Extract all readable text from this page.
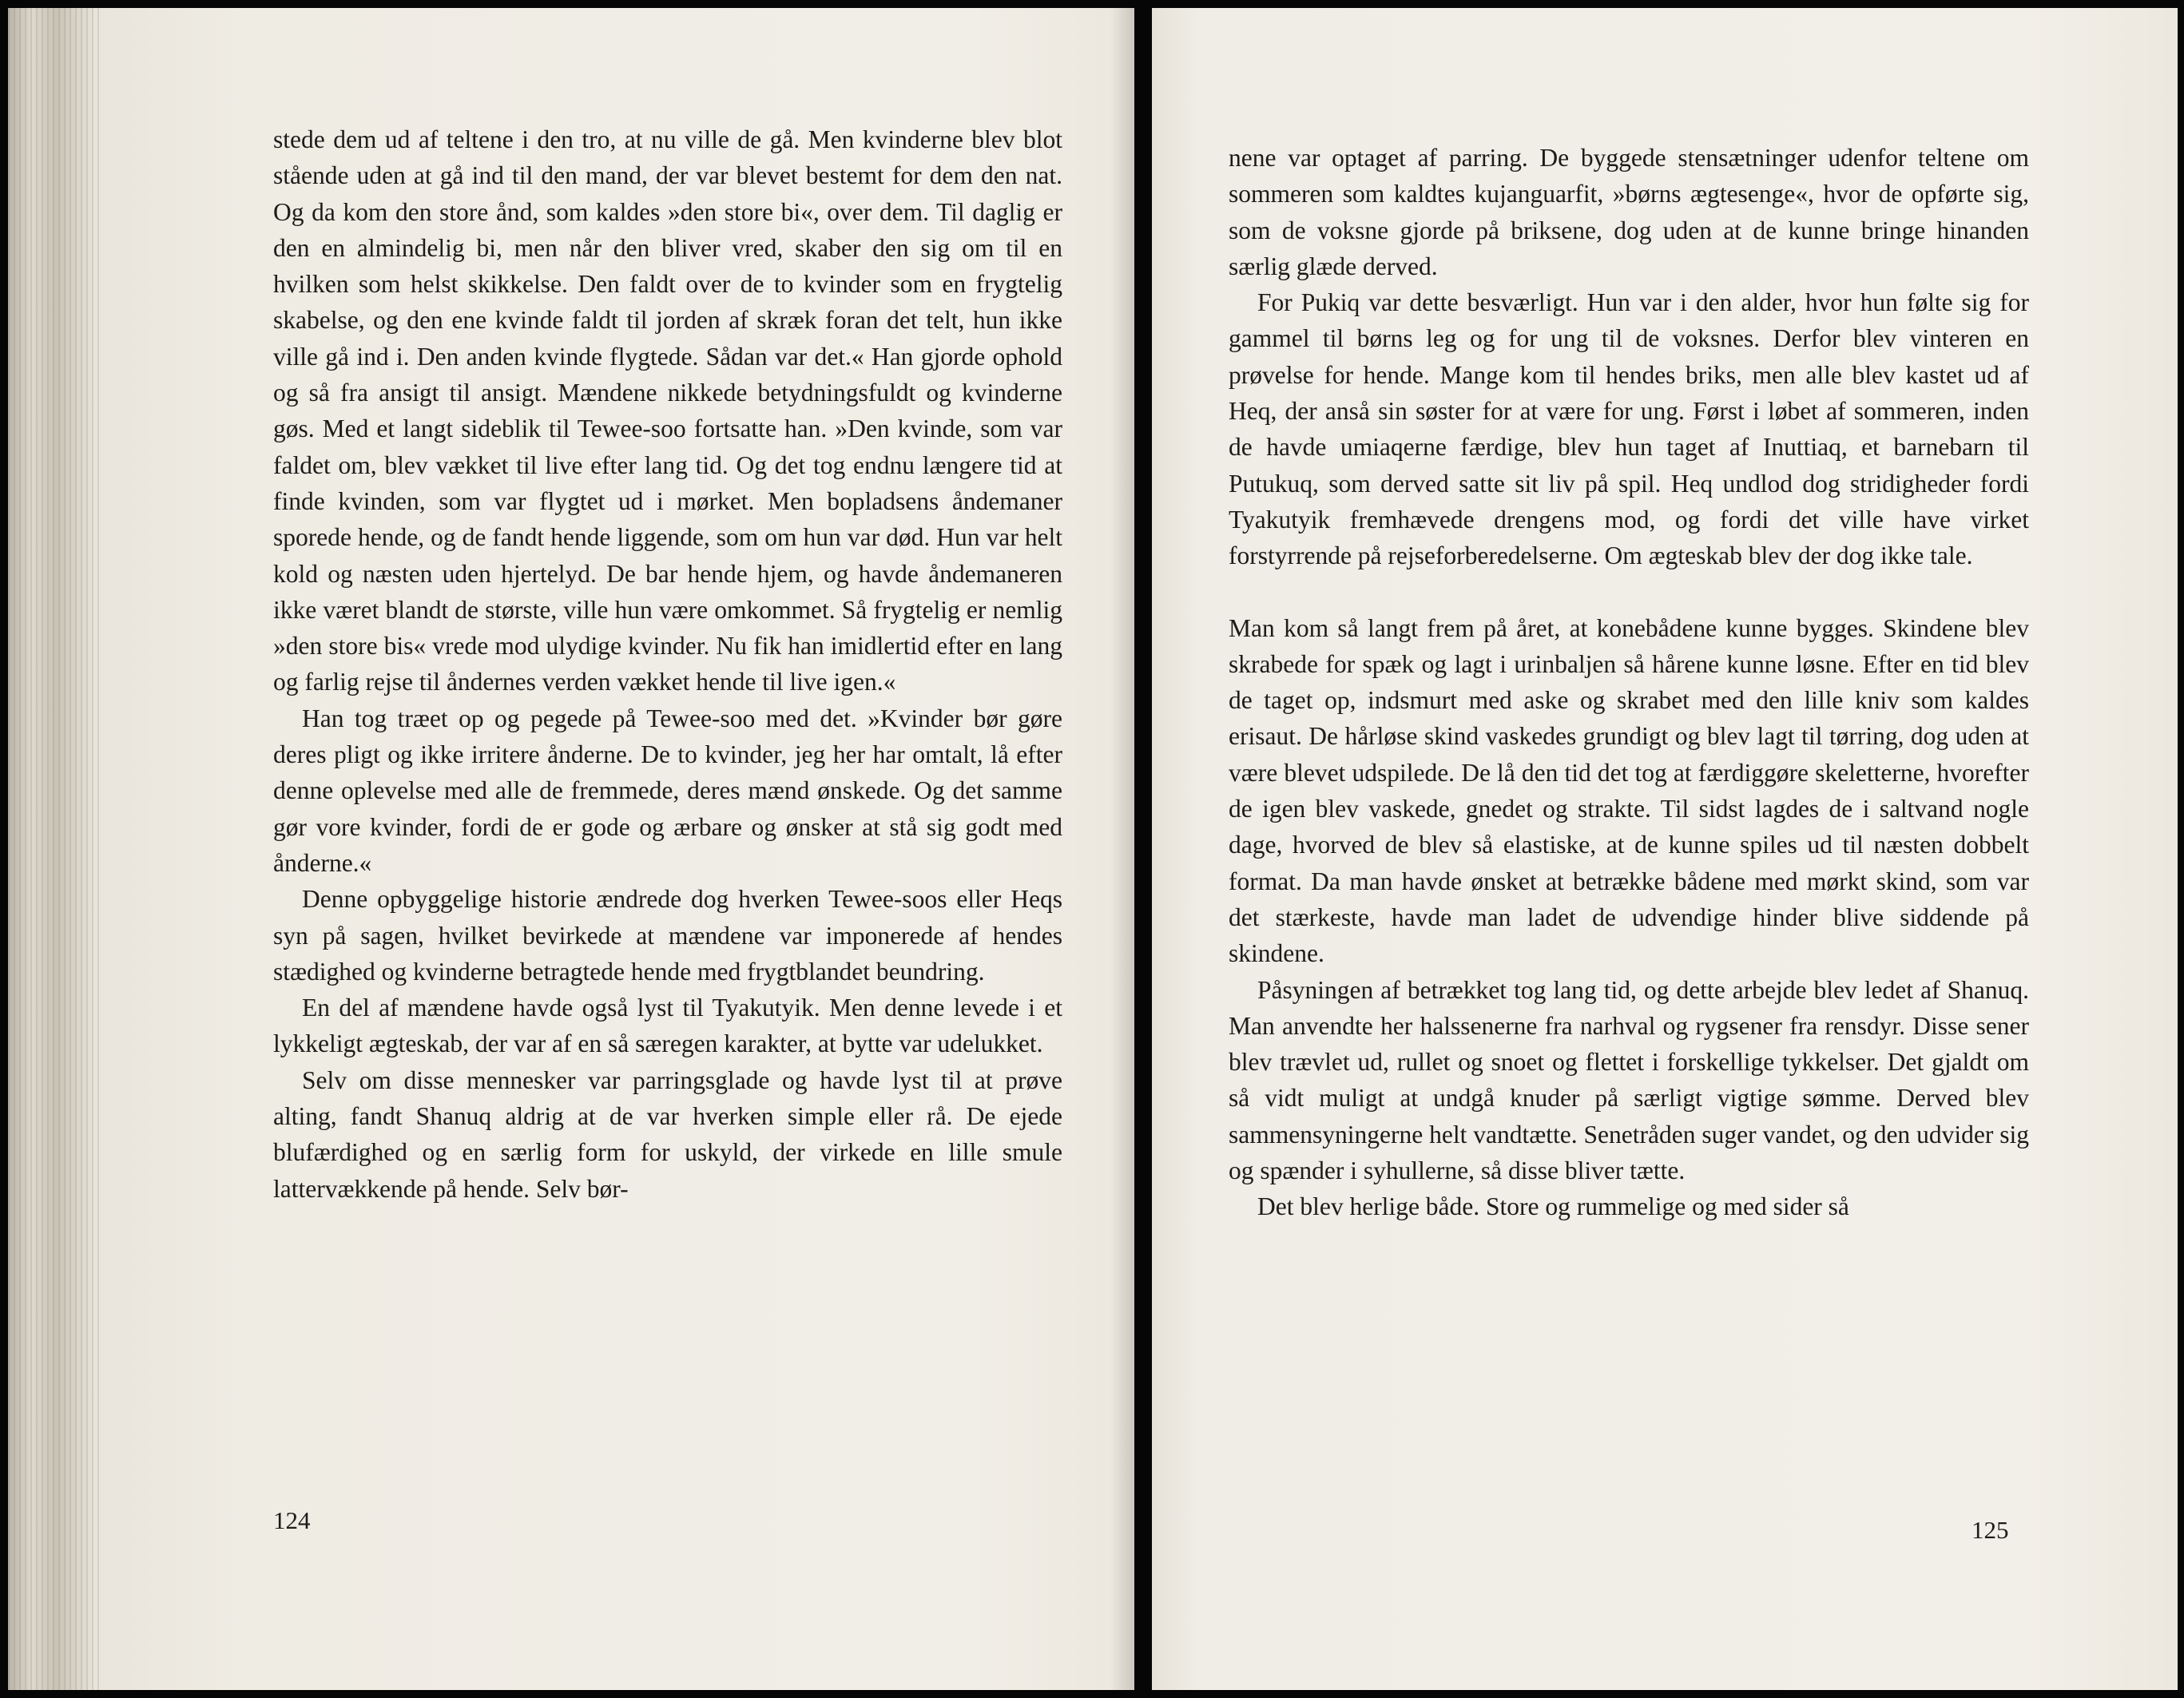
stede dem ud af teltene i den tro, at nu ville de gå. Men kvinderne blev blot stående uden at gå ind til den mand, der var blevet bestemt for dem den nat. Og da kom den store ånd, som kaldes »den store bi«, over dem. Til daglig er den en almindelig bi, men når den bliver vred, skaber den sig om til en hvilken som helst skikkelse. Den faldt over de to kvinder som en frygtelig skabelse, og den ene kvinde faldt til jorden af skræk foran det telt, hun ikke ville gå ind i. Den anden kvinde flygtede. Sådan var det.« Han gjorde ophold og så fra ansigt til ansigt. Mændene nikkede betydningsfuldt og kvinderne gøs. Med et langt sideblik til Tewee-soo fortsatte han. »Den kvinde, som var faldet om, blev vækket til live efter lang tid. Og det tog endnu længere tid at finde kvinden, som var flygtet ud i mørket. Men bopladsens åndemaner sporede hende, og de fandt hende liggende, som om hun var død. Hun var helt kold og næsten uden hjertelyd. De bar hende hjem, og havde åndemaneren ikke været blandt de største, ville hun være omkommet. Så frygtelig er nemlig »den store bis« vrede mod ulydige kvinder. Nu fik han imidlertid efter en lang og farlig rejse til åndernes verden vækket hende til live igen.«

Han tog træet op og pegede på Tewee-soo med det. »Kvinder bør gøre deres pligt og ikke irritere ånderne. De to kvinder, jeg her har omtalt, lå efter denne oplevelse med alle de fremmede, deres mænd ønskede. Og det samme gør vore kvinder, fordi de er gode og ærbare og ønsker at stå sig godt med ånderne.«

Denne opbyggelige historie ændrede dog hverken Tewee-soos eller Heqs syn på sagen, hvilket bevirkede at mændene var imponerede af hendes stædighed og kvinderne betragtede hende med frygtblandet beundring.

En del af mændene havde også lyst til Tyakutyik. Men denne levede i et lykkeligt ægteskab, der var af en så særegen karakter, at bytte var udelukket.

Selv om disse mennesker var parringsglade og havde lyst til at prøve alting, fandt Shanuq aldrig at de var hverken simple eller rå. De ejede blufærdighed og en særlig form for uskyld, der virkede en lille smule lattervækkende på hende. Selv bør-

124

nene var optaget af parring. De byggede stensætninger udenfor teltene om sommeren som kaldtes kujanguarfit, »børns ægtesenge«, hvor de opførte sig, som de voksne gjorde på briksene, dog uden at de kunne bringe hinanden særlig glæde derved.

For Pukiq var dette besværligt. Hun var i den alder, hvor hun følte sig for gammel til børns leg og for ung til de voksnes. Derfor blev vinteren en prøvelse for hende. Mange kom til hendes briks, men alle blev kastet ud af Heq, der anså sin søster for at være for ung. Først i løbet af sommeren, inden de havde umiaqerne færdige, blev hun taget af Inuttiaq, et barnebarn til Putukuq, som derved satte sit liv på spil. Heq undlod dog stridigheder fordi Tyakutyik fremhævede drengens mod, og fordi det ville have virket forstyrrende på rejseforberedelserne. Om ægteskab blev der dog ikke tale.

Man kom så langt frem på året, at konebådene kunne bygges. Skindene blev skrabede for spæk og lagt i urinbaljen så hårene kunne løsne. Efter en tid blev de taget op, indsmurt med aske og skrabet med den lille kniv som kaldes erisaut. De hårløse skind vaskedes grundigt og blev lagt til tørring, dog uden at være blevet udspilede. De lå den tid det tog at færdiggøre skeletterne, hvorefter de igen blev vaskede, gnedet og strakte. Til sidst lagdes de i saltvand nogle dage, hvorved de blev så elastiske, at de kunne spiles ud til næsten dobbelt format. Da man havde ønsket at betrække bådene med mørkt skind, som var det stærkeste, havde man ladet de udvendige hinder blive siddende på skindene.

Påsyningen af betrækket tog lang tid, og dette arbejde blev ledet af Shanuq. Man anvendte her halssenerne fra narhval og rygsener fra rensdyr. Disse sener blev trævlet ud, rullet og snoet og flettet i forskellige tykkelser. Det gjaldt om så vidt muligt at undgå knuder på særligt vigtige sømme. Derved blev sammensyningerne helt vandtætte. Senetråden suger vandet, og den udvider sig og spænder i syhullerne, så disse bliver tætte.

Det blev herlige både. Store og rummelige og med sider så

125
